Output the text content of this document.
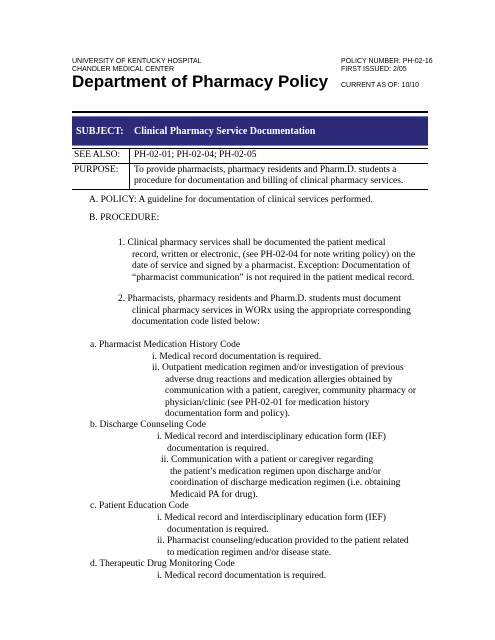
UNIVERSITY OF KENTUCKY HOSPITAL
CHANDLER MEDICAL CENTER
POLICY NUMBER: PH-02-16
FIRST ISSUED: 2/05
Department of Pharmacy Policy CURRENT AS OF: 10/10
SUBJECT: Clinical Pharmacy Service Documentation
SEE ALSO:	PH-02-01; PH-02-04; PH-02-05
PURPOSE:	To provide pharmacists, pharmacy residents and Pharm.D. students a
procedure for documentation and billing of clinical pharmacy services.
A. POLICY: A guideline for documentation of clinical services performed.
B. PROCEDURE:
1. Clinical pharmacy services shall be documented the patient medical
record, written or electronic, (see PH-02-04 for note writing policy) on the
date of service and signed by a pharmacist. Exception: Documentation of
“pharmacist communication” is not required in the patient medical record.
2. Pharmacists, pharmacy residents and Pharm.D. students must document
clinical pharmacy services in WORx using the appropriate corresponding
documentation code listed below:
a. Pharmacist Medication History Code
i. Medical record documentation is required.
ii. Outpatient medication regimen and/or investigation of previous
adverse drug reactions and medication allergies obtained by
communication with a patient, caregiver, community pharmacy or
physician/clinic (see PH-02-01 for medication history
documentation form and policy).
b. Discharge Counseling Code
i. Medical record and interdisciplinary education form (IEF)
documentation is required.
ii. Communication with a patient or caregiver regarding
the patient’s medication regimen upon discharge and/or
coordination of discharge medication regimen (i.e. obtaining
Medicaid PA for drug).
c. Patient Education Code
i. Medical record and interdisciplinary education form (IEF)
documentation is required.
ii. Pharmacist counseling/education provided to the patient related
to medication regimen and/or disease state.
d. Therapeutic Drug Monitoring Code
i. Medical record documentation is required.
